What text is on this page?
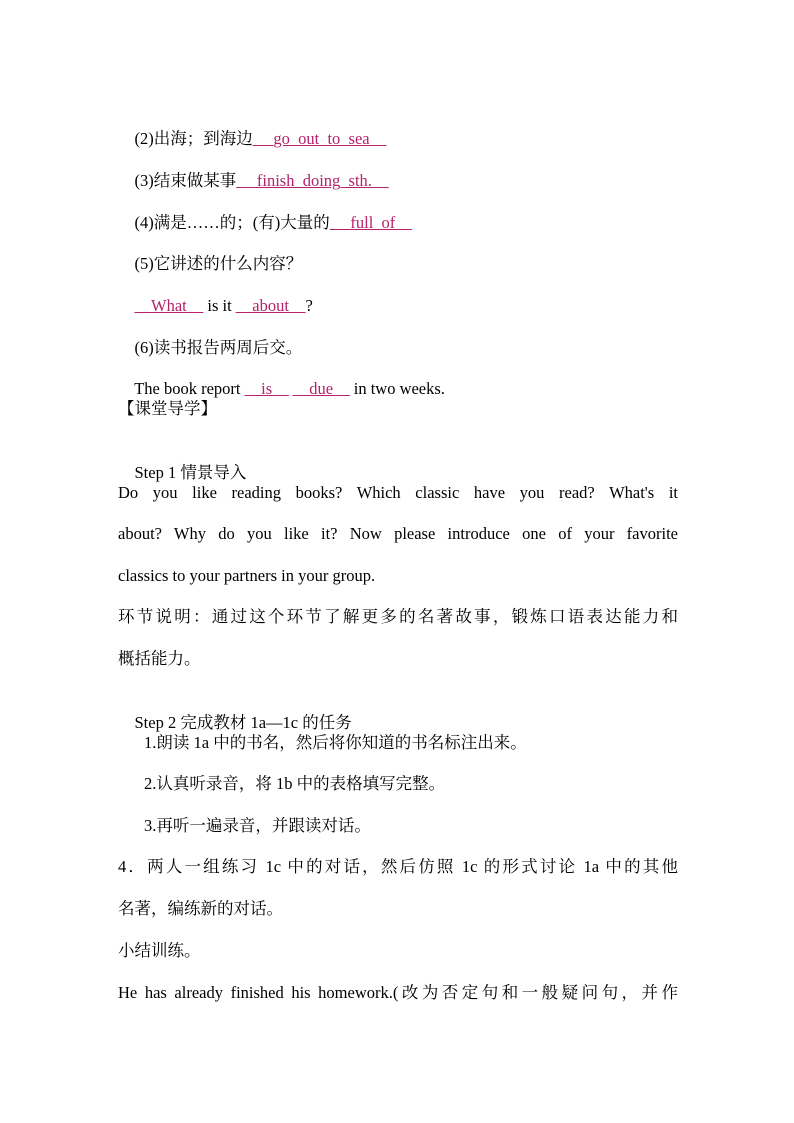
(2)出海；到海边 __go_out_to_sea__

(3)结束做某事 __finish_doing_sth.__

(4)满是……的；(有)大量的 __full_of__

(5)它讲述的什么内容？

__What__ is it __about__?

(6)读书报告两周后交。

The book report __is__ __due__ in two weeks.

【课堂导学】

Step 1 情景导入

Do you like reading books? Which classic have you read? What's it
about? Why do you like it? Now please introduce one of your favorite
classics to your partners in your group.
环节说明：通过这个环节了解更多的名著故事，锻炼口语表达能力和
概括能力。

Step 2 完成教材 1a—1c 的任务

1.朗读 1a 中的书名，然后将你知道的书名标注出来。
2.认真听录音，将 1b 中的表格填写完整。
3.再听一遍录音，并跟读对话。
4．两人一组练习 1c 中的对话，然后仿照 1c 的形式讨论 1a 中的其他
名著，编练新的对话。
小结训练。
He has already finished his homework.(改为否定句和一般疑问句，并作
